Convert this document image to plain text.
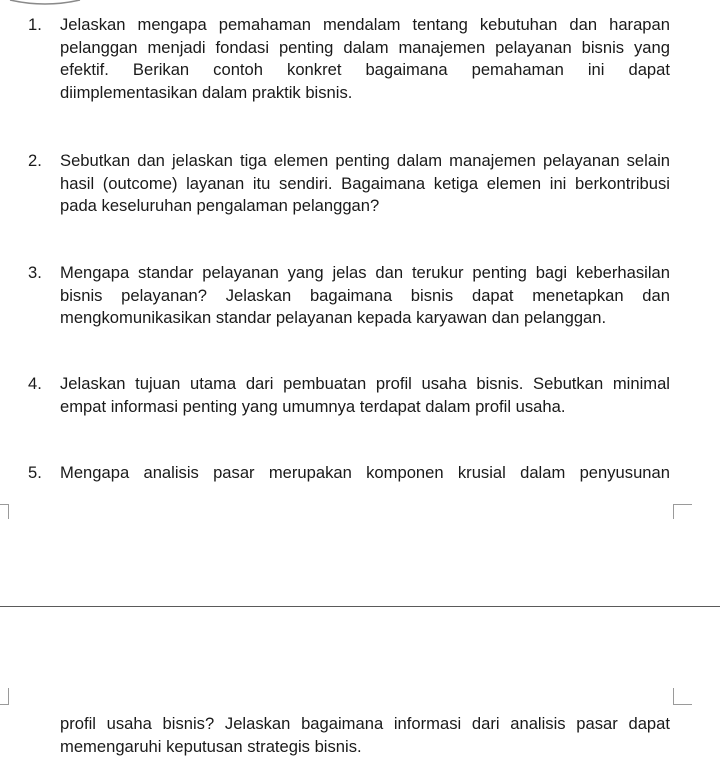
1.	Jelaskan mengapa pemahaman mendalam tentang kebutuhan dan harapan pelanggan menjadi fondasi penting dalam manajemen pelayanan bisnis yang efektif. Berikan contoh konkret bagaimana pemahaman ini dapat diimplementasikan dalam praktik bisnis.
2.	Sebutkan dan jelaskan tiga elemen penting dalam manajemen pelayanan selain hasil (outcome) layanan itu sendiri. Bagaimana ketiga elemen ini berkontribusi pada keseluruhan pengalaman pelanggan?
3.	Mengapa standar pelayanan yang jelas dan terukur penting bagi keberhasilan bisnis pelayanan? Jelaskan bagaimana bisnis dapat menetapkan dan mengkomunikasikan standar pelayanan kepada karyawan dan pelanggan.
4.	Jelaskan tujuan utama dari pembuatan profil usaha bisnis. Sebutkan minimal empat informasi penting yang umumnya terdapat dalam profil usaha.
5.	Mengapa analisis pasar merupakan komponen krusial dalam penyusunan
profil usaha bisnis? Jelaskan bagaimana informasi dari analisis pasar dapat memengaruhi keputusan strategis bisnis.
